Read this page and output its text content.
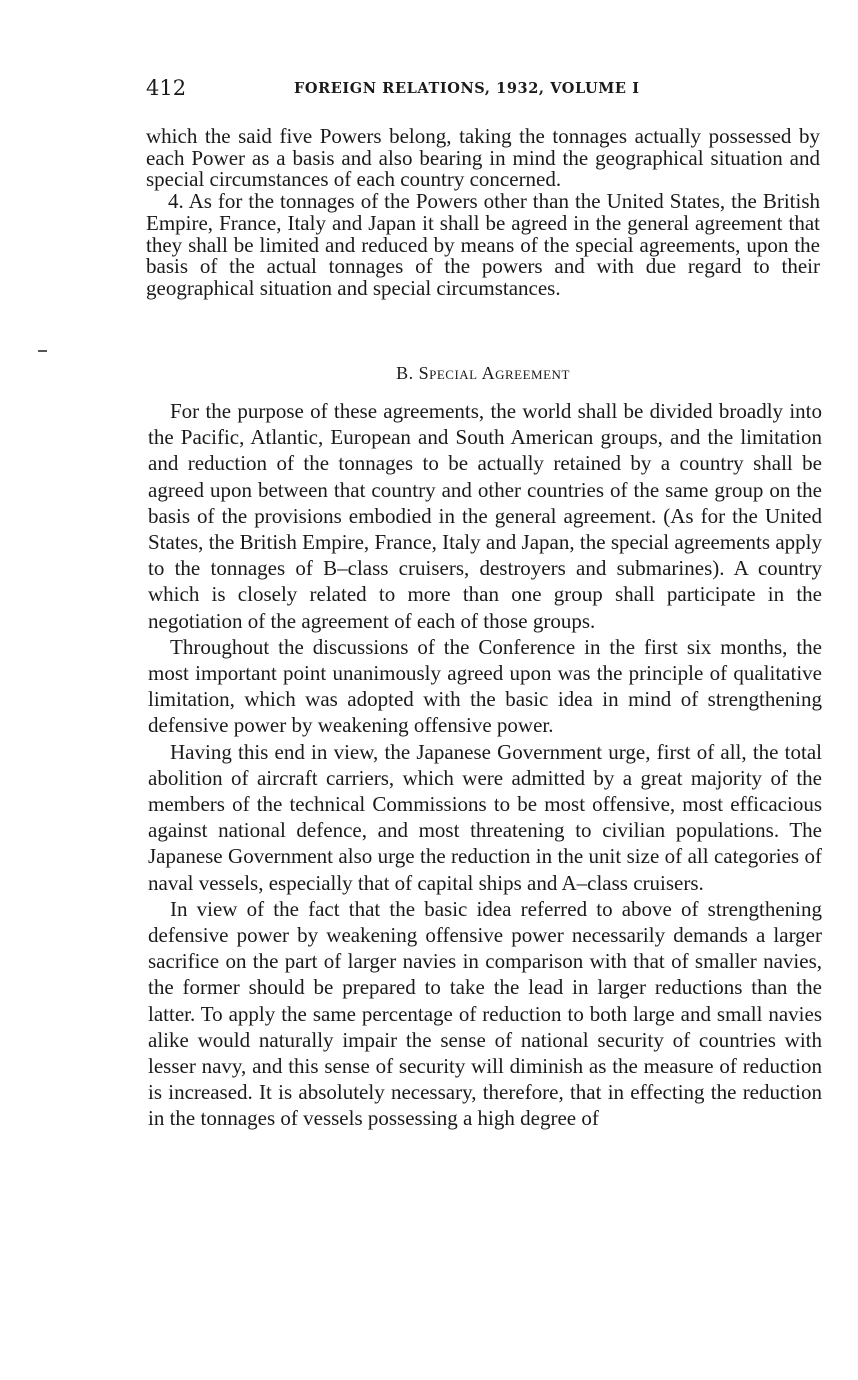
412	FOREIGN RELATIONS, 1932, VOLUME I

which the said five Powers belong, taking the tonnages actually possessed by each Power as a basis and also bearing in mind the geographical situation and special circumstances of each country concerned.

4. As for the tonnages of the Powers other than the United States, the British Empire, France, Italy and Japan it shall be agreed in the general agreement that they shall be limited and reduced by means of the special agreements, upon the basis of the actual tonnages of the powers and with due regard to their geographical situation and special circumstances.

B. Special Agreement

For the purpose of these agreements, the world shall be divided broadly into the Pacific, Atlantic, European and South American groups, and the limitation and reduction of the tonnages to be actually retained by a country shall be agreed upon between that country and other countries of the same group on the basis of the provisions embodied in the general agreement. (As for the United States, the British Empire, France, Italy and Japan, the special agreements apply to the tonnages of B–class cruisers, destroyers and submarines). A country which is closely related to more than one group shall participate in the negotiation of the agreement of each of those groups.

Throughout the discussions of the Conference in the first six months, the most important point unanimously agreed upon was the principle of qualitative limitation, which was adopted with the basic idea in mind of strengthening defensive power by weakening offensive power.

Having this end in view, the Japanese Government urge, first of all, the total abolition of aircraft carriers, which were admitted by a great majority of the members of the technical Commissions to be most offensive, most efficacious against national defence, and most threatening to civilian populations. The Japanese Government also urge the reduction in the unit size of all categories of naval vessels, especially that of capital ships and A–class cruisers.

In view of the fact that the basic idea referred to above of strengthening defensive power by weakening offensive power necessarily demands a larger sacrifice on the part of larger navies in comparison with that of smaller navies, the former should be prepared to take the lead in larger reductions than the latter. To apply the same percentage of reduction to both large and small navies alike would naturally impair the sense of national security of countries with lesser navy, and this sense of security will diminish as the measure of reduction is increased. It is absolutely necessary, therefore, that in effecting the reduction in the tonnages of vessels possessing a high degree of
